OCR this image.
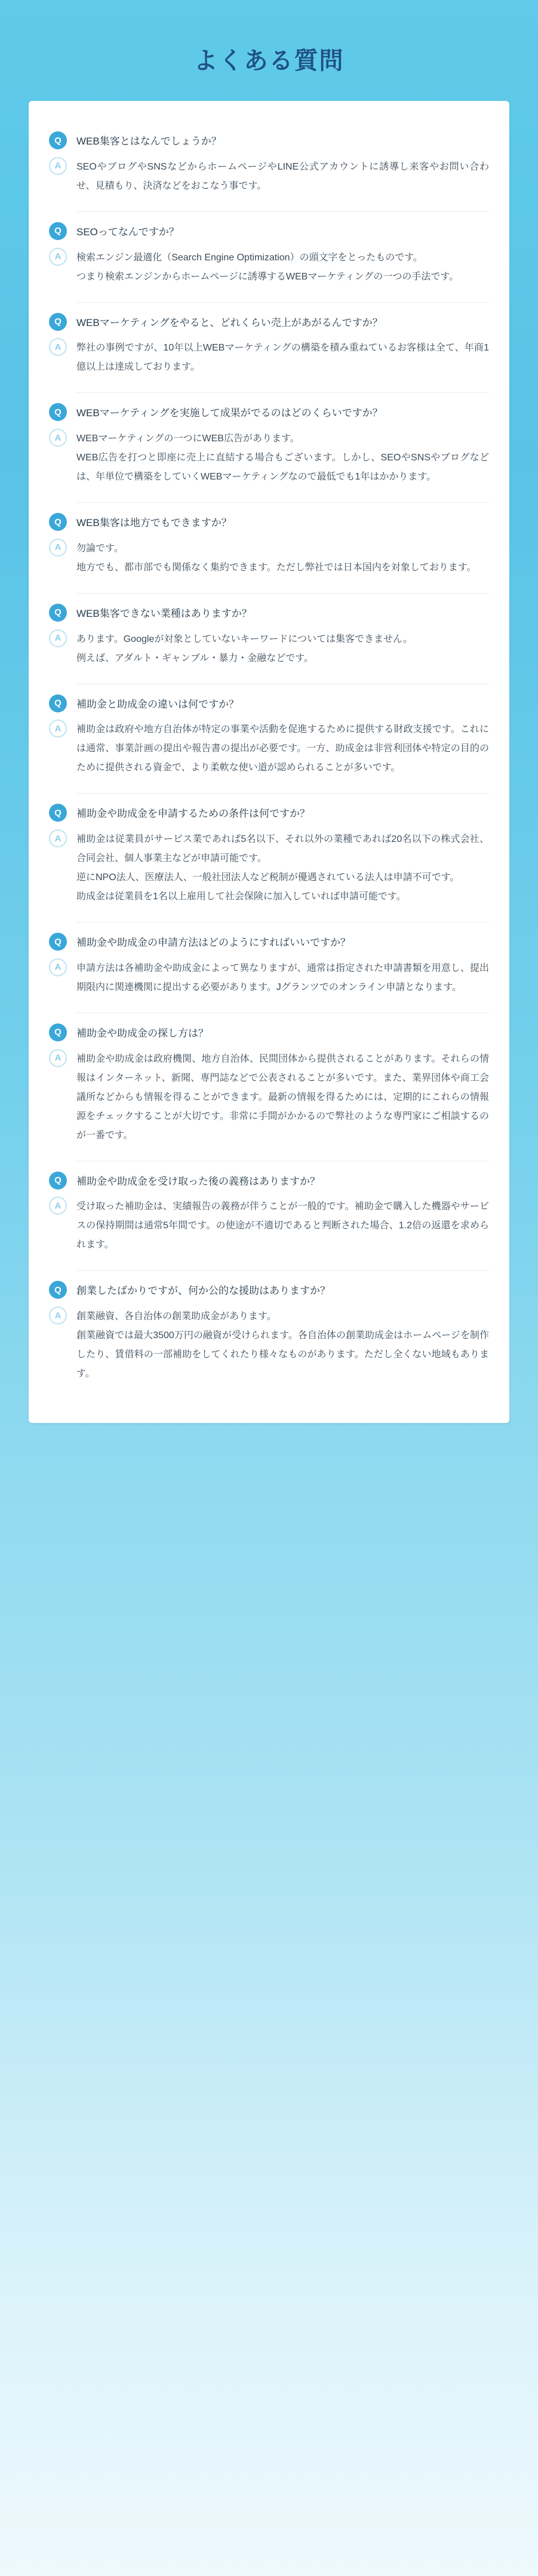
よくある質問
Q	WEB集客とはなんでしょうか？
A	SEOやブログやSNSなどからホームページやLINE公式アカウントに誘導し来客やお問い合わせ、見積もり、決済などをおこなう事です。

Q	SEOってなんですか？
A	検索エンジン最適化（Search Engine Optimization）の頭文字をとったものです。

つまり検索エンジンからホームページに誘導するWEBマーケティングの一つの手法です。

Q	WEBマーケティングをやると、どれくらい売上があがるんですか？
A	弊社の事例ですが、10年以上WEBマーケティングの構築を積み重ねているお客様は全て、年商1億以上は達成しております。

Q	WEBマーケティングを実施して成果がでるのはどのくらいですか？
A	WEBマーケティングの一つにWEB広告があります。

WEB広告を打つと即座に売上に直結する場合もございます。しかし、SEOやSNSやブログなどは、年単位で構築をしていくWEBマーケティングなので最低でも1年はかかります。

Q	WEB集客は地方でもできますか？
A	勿論です。

地方でも、都市部でも関係なく集約できます。ただし弊社では日本国内を対象しております。

Q	WEB集客できない業種はありますか？
A	あります。Googleが対象としていないキーワードについては集客できません。

例えば、アダルト・ギャンブル・暴力・金融などです。

Q	補助金と助成金の違いは何ですか？
A	補助金は政府や地方自治体が特定の事業や活動を促進するために提供する財政支援です。これには通常、事業計画の提出や報告書の提出が必要です。一方、助成金は非営利団体や特定の目的のために提供される資金で、より柔軟な使い道が認められることが多いです。

Q	補助金や助成金を申請するための条件は何ですか？
A	補助金は従業員がサービス業であれば5名以下、それ以外の業種であれば20名以下の株式会社、合同会社、個人事業主などが申請可能です。

逆にNPO法人、医療法人、一般社団法人など税制が優遇されている法人は申請不可です。

助成金は従業員を1名以上雇用して社会保険に加入していれば申請可能です。

Q	補助金や助成金の申請方法はどのようにすればいいですか？
A	申請方法は各補助金や助成金によって異なりますが、通常は指定された申請書類を用意し、提出期限内に関連機関に提出する必要があります。Jグランツでのオンライン申請となります。

Q	補助金や助成金の探し方は？
A	補助金や助成金は政府機関、地方自治体、民間団体から提供されることがあります。それらの情報はインターネット、新聞、専門誌などで公表されることが多いです。また、業界団体や商工会議所などからも情報を得ることができます。最新の情報を得るためには、定期的にこれらの情報源をチェックすることが大切です。非常に手間がかかるので弊社のような専門家にご相談するのが一番です。

Q	補助金や助成金を受け取った後の義務はありますか？
A	受け取った補助金は、実績報告の義務が伴うことが一般的です。補助金で購入した機器やサービスの保持期間は通常5年間です。の使途が不適切であると判断された場合、1.2倍の返還を求められます。

Q	創業したばかりですが、何か公的な援助はありますか？
A	創業融資、各自治体の創業助成金があります。

創業融資では最大3500万円の融資が受けられます。各自治体の創業助成金はホームページを制作したり、賃借料の一部補助をしてくれたり様々なものがあります。ただし全くない地域もあります。
